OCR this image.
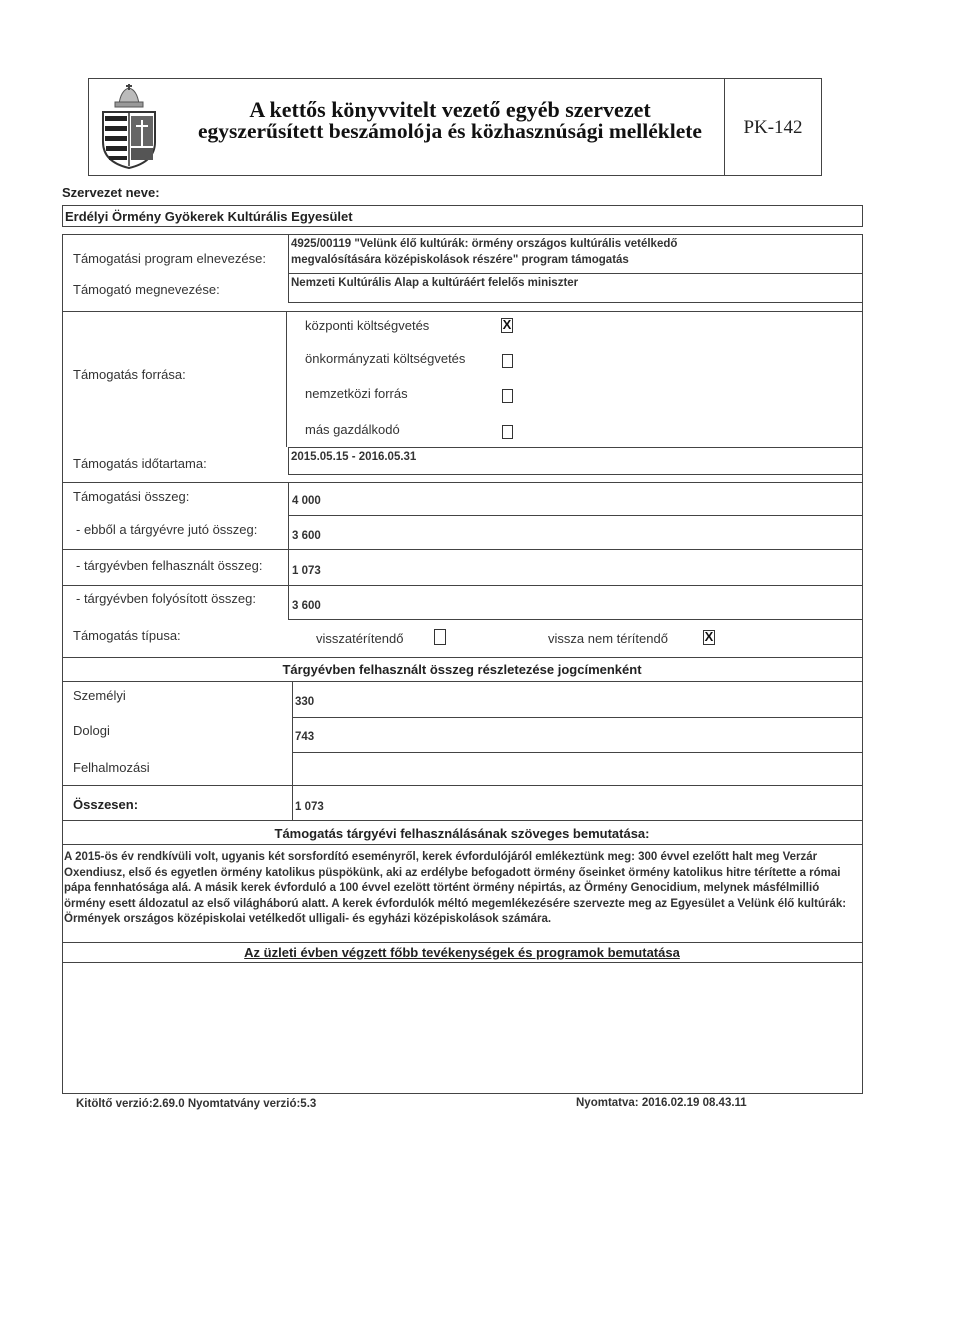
A kettős könyvvitelt vezető egyéb szervezet
egyszerűsített beszámolója és közhasznúsági melléklete	PK-142
Szervezet neve:
Erdélyi Örmény Gyökerek Kultúrális Egyesület
Támogatási program elnevezése:
4925/00119 "Velünk élő kultúrák: örmény országos kultúrális vetélkedő
megvalósítására középiskolások részére" program támogatás
Támogató megnevezése:	Nemzeti Kultúrális Alap a kultúráért felelős miniszter
Támogatás forrása:
központi költségvetés	X
önkormányzati költségvetés
nemzetközi forrás
más gazdálkodó
Támogatás időtartama:	2015.05.15 - 2016.05.31
Támogatási összeg:	4 000
- ebből a tárgyévre jutó összeg:	3 600
- tárgyévben felhasznált összeg:	1 073
- tárgyévben folyósított összeg:	3 600
Támogatás típusa:	visszatérítendő	vissza nem térítendő	X
Tárgyévben felhasznált összeg részletezése jogcímenként
Személyi	330
Dologi	743
Felhalmozási
Összesen:	1 073
Támogatás tárgyévi felhasználásának szöveges bemutatása:
A 2015-ös év rendkívüli volt, ugyanis két sorsfordító eseményről, kerek évfordulójáról emlékeztünk meg: 300 évvel ezelőtt halt meg Verzár Oxendiusz, első és egyetlen örmény katolikus püspökünk, aki az erdélybe befogadott örmény őseinket örmény katolikus hitre térítette a római pápa fennhatósága alá. A másik kerek évforduló a 100 évvel ezelött történt örmény népirtás, az Örmény Genocidium, melynek másfélmillió örmény esett áldozatul az első világháború alatt. A kerek évfordulók méltó megemlékezésére szervezte meg az Egyesület a Velünk élő kultúrák: Örmények országos középiskolai vetélkedőt ulligali- és egyházi középiskolások számára.
Az üzleti évben végzett főbb tevékenységek és programok bemutatása
Kitöltő verzió:2.69.0 Nyomtatvány verzió:5.3	Nyomtatva: 2016.02.19 08.43.11
